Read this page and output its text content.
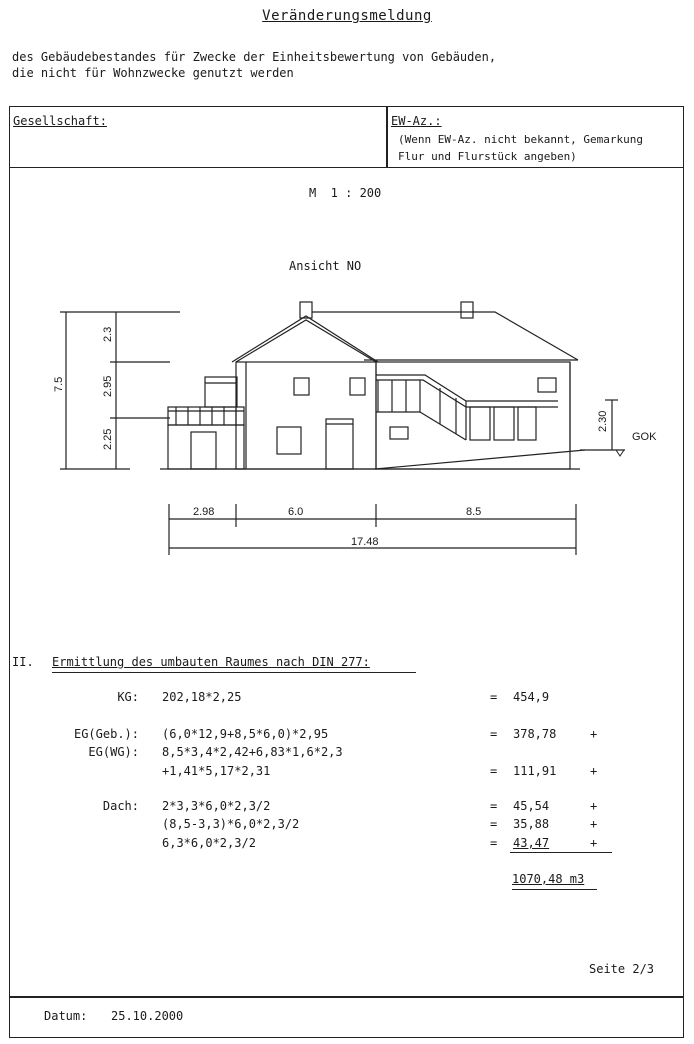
Veränderungsmeldung
des Gebäudebestandes für Zwecke der Einheitsbewertung von Gebäuden,
die nicht für Wohnzwecke genutzt werden
Gesellschaft:	EW-Az.:
(Wenn EW-Az. nicht bekannt, Gemarkung
Flur und Flurstück angeben)
M  1 : 200
Ansicht NO
7.5
2.3
2.95
2.25
2.30
GOK
2.98	6.0	8.5
17.48
II. Ermittlung des umbauten Raumes nach DIN 277:
KG: 202,18*2,25	= 454,9
EG(Geb.): (6,0*12,9+8,5*6,0)*2,95	= 378,78	+
EG(WG): 8,5*3,4*2,42+6,83*1,6*2,3
+1,41*5,17*2,31	= 111,91	+
Dach: 2*3,3*6,0*2,3/2	= 45,54	+
(8,5-3,3)*6,0*2,3/2	= 35,88	+
6,3*6,0*2,3/2	= 43,47	+
1070,48 m3
Seite 2/3
Datum: 25.10.2000
